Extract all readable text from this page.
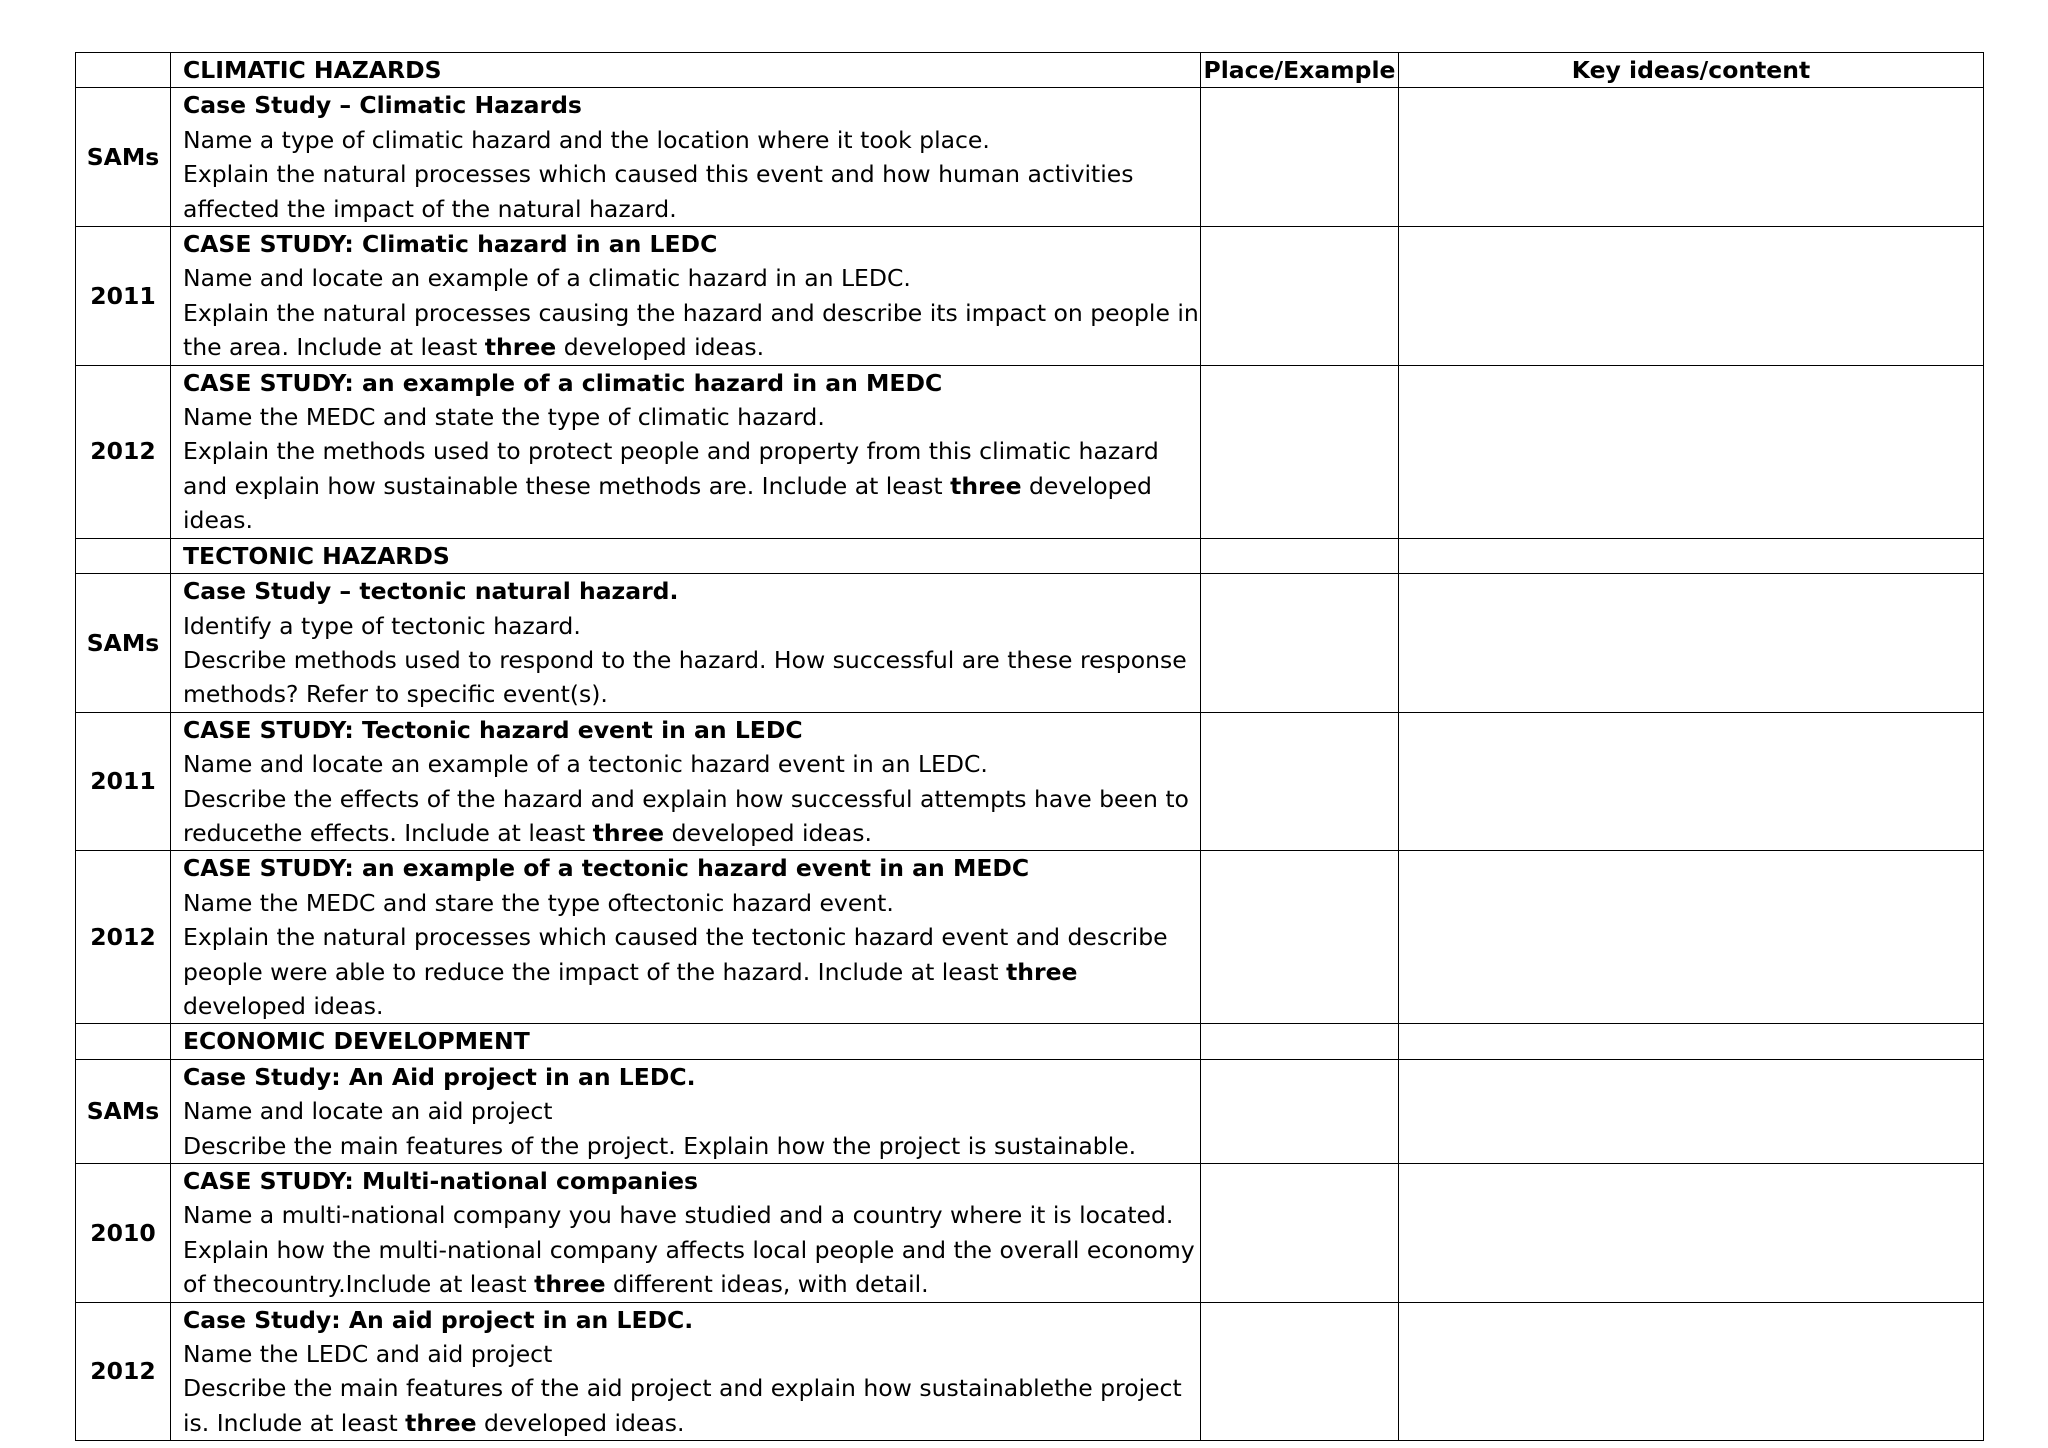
	CLIMATIC HAZARDS	Place/Example	Key ideas/content
SAMs	Case Study – Climatic Hazards
Name a type of climatic hazard and the location where it took place.
Explain the natural processes which caused this event and how human activities affected the impact of the natural hazard.		

2011	CASE STUDY: Climatic hazard in an LEDC
Name and locate an example of a climatic hazard in an LEDC.
Explain the natural processes causing the hazard and describe its impact on people in the area. Include at least three developed ideas.		

2012	CASE STUDY: an example of a climatic hazard in an MEDC
Name the MEDC and state the type of climatic hazard.
Explain the methods used to protect people and property from this climatic hazard and explain how sustainable these methods are. Include at least three developed ideas.		

	TECTONIC HAZARDS		
SAMs	Case Study – tectonic natural hazard.
Identify a type of tectonic hazard.
Describe methods used to respond to the hazard. How successful are these response methods? Refer to specific event(s).		

2011	CASE STUDY: Tectonic hazard event in an LEDC
Name and locate an example of a tectonic hazard event in an LEDC.
Describe the effects of the hazard and explain how successful attempts have been to reducethe effects. Include at least three developed ideas.		

2012	CASE STUDY: an example of a tectonic hazard event in an MEDC
Name the MEDC and stare the type oftectonic hazard event.
Explain the natural processes which caused the tectonic hazard event and describe people were able to reduce the impact of the hazard. Include at least three developed ideas.		

	ECONOMIC DEVELOPMENT		
SAMs	Case Study: An Aid project in an LEDC.
Name and locate an aid project
Describe the main features of the project. Explain how the project is sustainable.		

2010	CASE STUDY: Multi-national companies
Name a multi-national company you have studied and a country where it is located.
Explain how the multi-national company affects local people and the overall economy of thecountry.Include at least three different ideas, with detail.		

2012	Case Study: An aid project in an LEDC.
Name the LEDC and aid project
Describe the main features of the aid project and explain how sustainablethe project is. Include at least three developed ideas.		
